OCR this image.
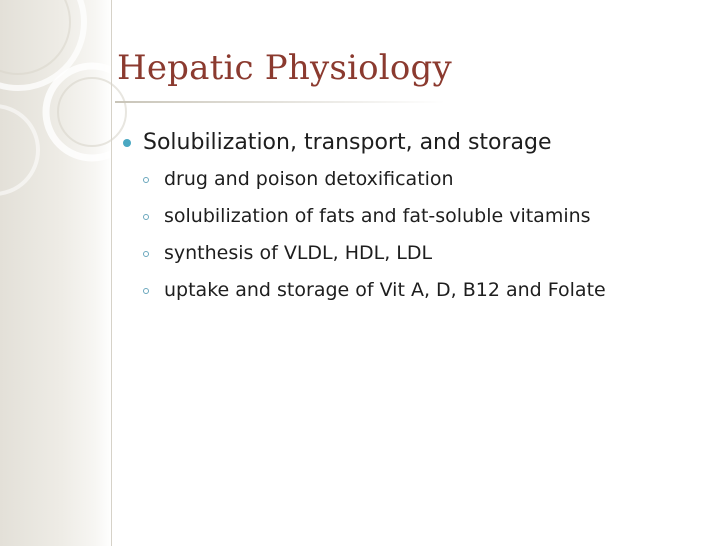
Hepatic Physiology
Solubilization, transport, and storage
drug and poison detoxification
solubilization of fats and fat-soluble vitamins
synthesis of VLDL, HDL, LDL
uptake and storage of Vit A, D, B12 and Folate
